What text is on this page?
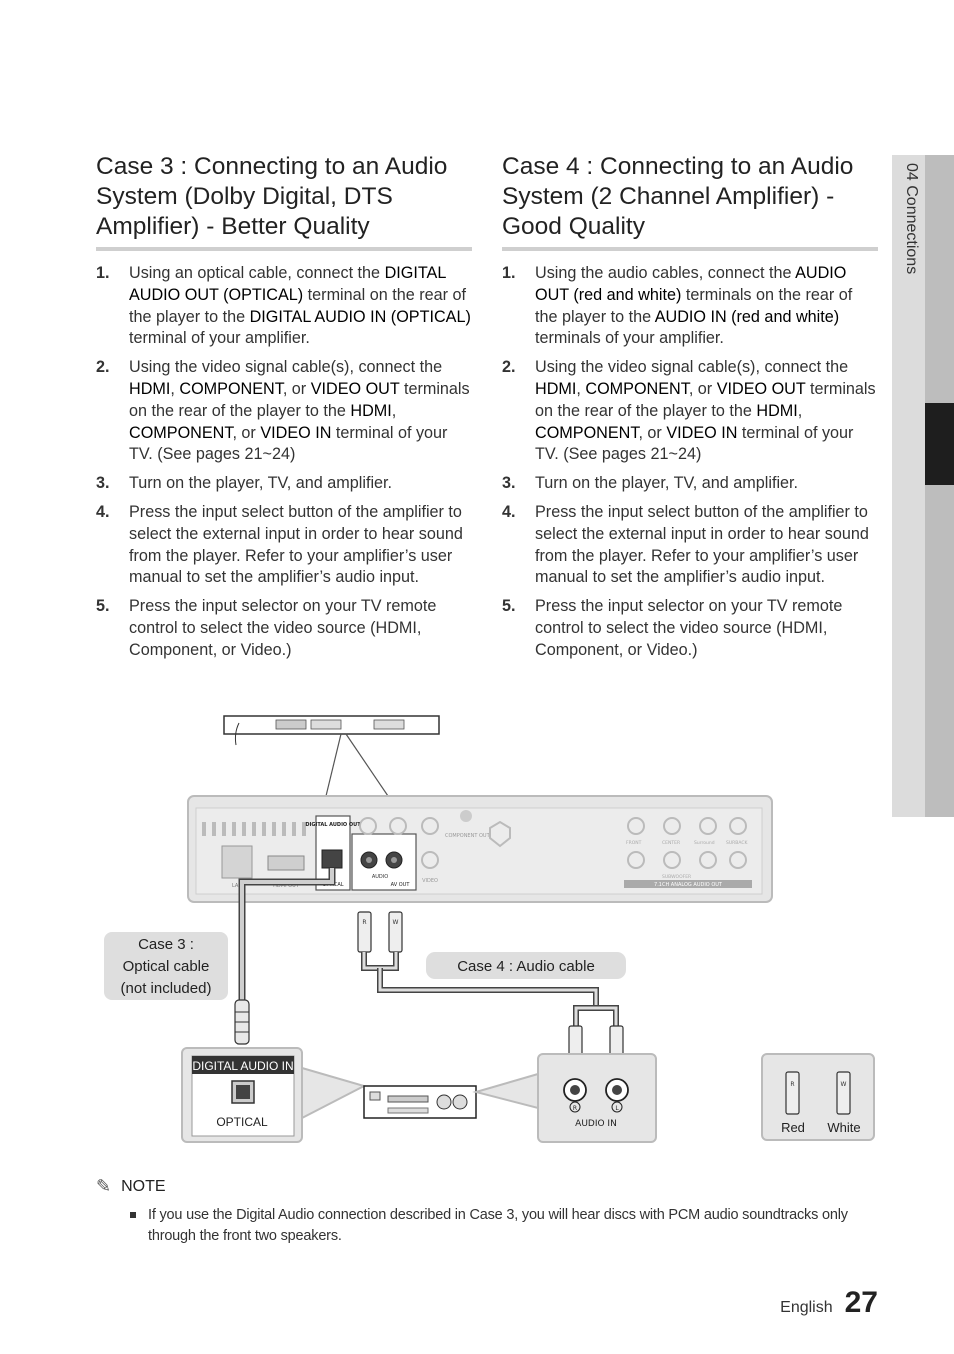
04 Connections
Case 3 : Connecting to an Audio System (Dolby Digital, DTS Amplifier) - Better Quality
1. Using an optical cable, connect the DIGITAL AUDIO OUT (OPTICAL) terminal on the rear of the player to the DIGITAL AUDIO IN (OPTICAL) terminal of your amplifier.
2. Using the video signal cable(s), connect the HDMI, COMPONENT, or VIDEO OUT terminals on the rear of the player to the HDMI, COMPONENT, or VIDEO IN terminal of your TV. (See pages 21~24)
3. Turn on the player, TV, and amplifier.
4. Press the input select button of the amplifier to select the external input in order to hear sound from the player. Refer to your amplifier’s user manual to set the amplifier’s audio input.
5. Press the input selector on your TV remote control to select the video source (HDMI, Component, or Video.)
Case 4 : Connecting to an Audio System (2 Channel Amplifier) - Good Quality
1. Using the audio cables, connect the AUDIO OUT (red and white) terminals on the rear of the player to the AUDIO IN (red and white) terminals of your amplifier.
2. Using the video signal cable(s), connect the HDMI, COMPONENT, or VIDEO OUT terminals on the rear of the player to the HDMI, COMPONENT, or VIDEO IN terminal of your TV. (See pages 21~24)
3. Turn on the player, TV, and amplifier.
4. Press the input select button of the amplifier to select the external input in order to hear sound from the player. Refer to your amplifier’s user manual to set the amplifier’s audio input.
5. Press the input selector on your TV remote control to select the video source (HDMI, Component, or Video.)
LAN	HDMI OUT
DIGITAL AUDIO OUT
OPTICAL
AUDIO
AV OUT
VIDEO
COMPONENT OUT
FRONT	CENTER	Surround	SURBACK
SUBWOOFER
7.1CH ANALOG AUDIO OUT
R	W
Case 3 :
Optical cable
(not included)
Case 4 : Audio cable
DIGITAL AUDIO IN
OPTICAL
R	L
AUDIO IN
R	W
Red White
✎ NOTE
If you use the Digital Audio connection described in Case 3, you will hear discs with PCM audio soundtracks only through the front two speakers.
English 27
